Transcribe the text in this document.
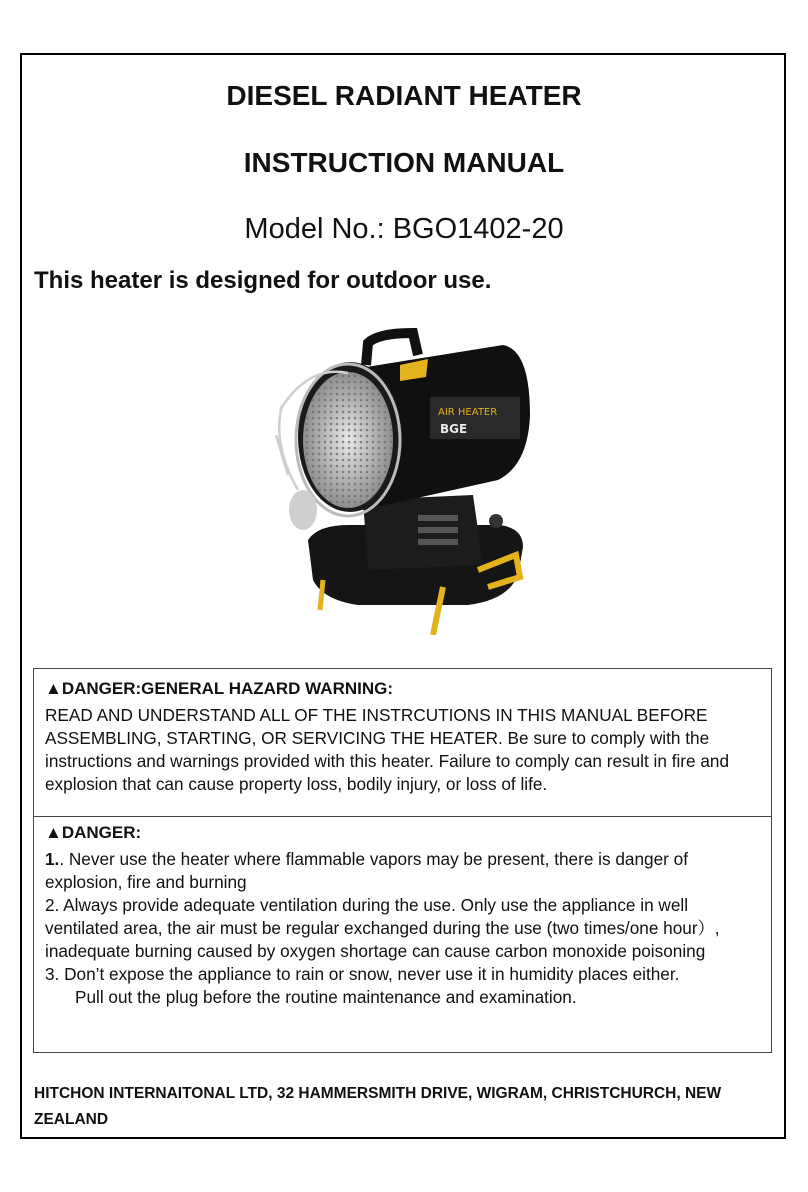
DIESEL RADIANT HEATER
INSTRUCTION MANUAL
Model No.: BGO1402-20
This heater is designed for outdoor use.
AIR HEATER
BGE
▲DANGER:GENERAL HAZARD WARNING:

READ AND UNDERSTAND ALL OF THE INSTRCUTIONS IN THIS MANUAL BEFORE ASSEMBLING, STARTING, OR SERVICING THE HEATER. Be sure to comply with the instructions and warnings provided with this heater. Failure to comply can result in fire and explosion that can cause property loss, bodily injury, or loss of life.

▲DANGER:

1.. Never use the heater where flammable vapors may be present, there is danger of explosion, fire and burning

2. Always provide adequate ventilation during the use. Only use the appliance in well ventilated area, the air must be regular exchanged during the use (two times/one hour）, inadequate burning caused by oxygen shortage can cause carbon monoxide poisoning

3. Don’t expose the appliance to rain or snow, never use it in humidity places either.

Pull out the plug before the routine maintenance and examination.

HITCHON INTERNAITONAL LTD, 32 HAMMERSMITH DRIVE, WIGRAM, CHRISTCHURCH, NEW ZEALAND
